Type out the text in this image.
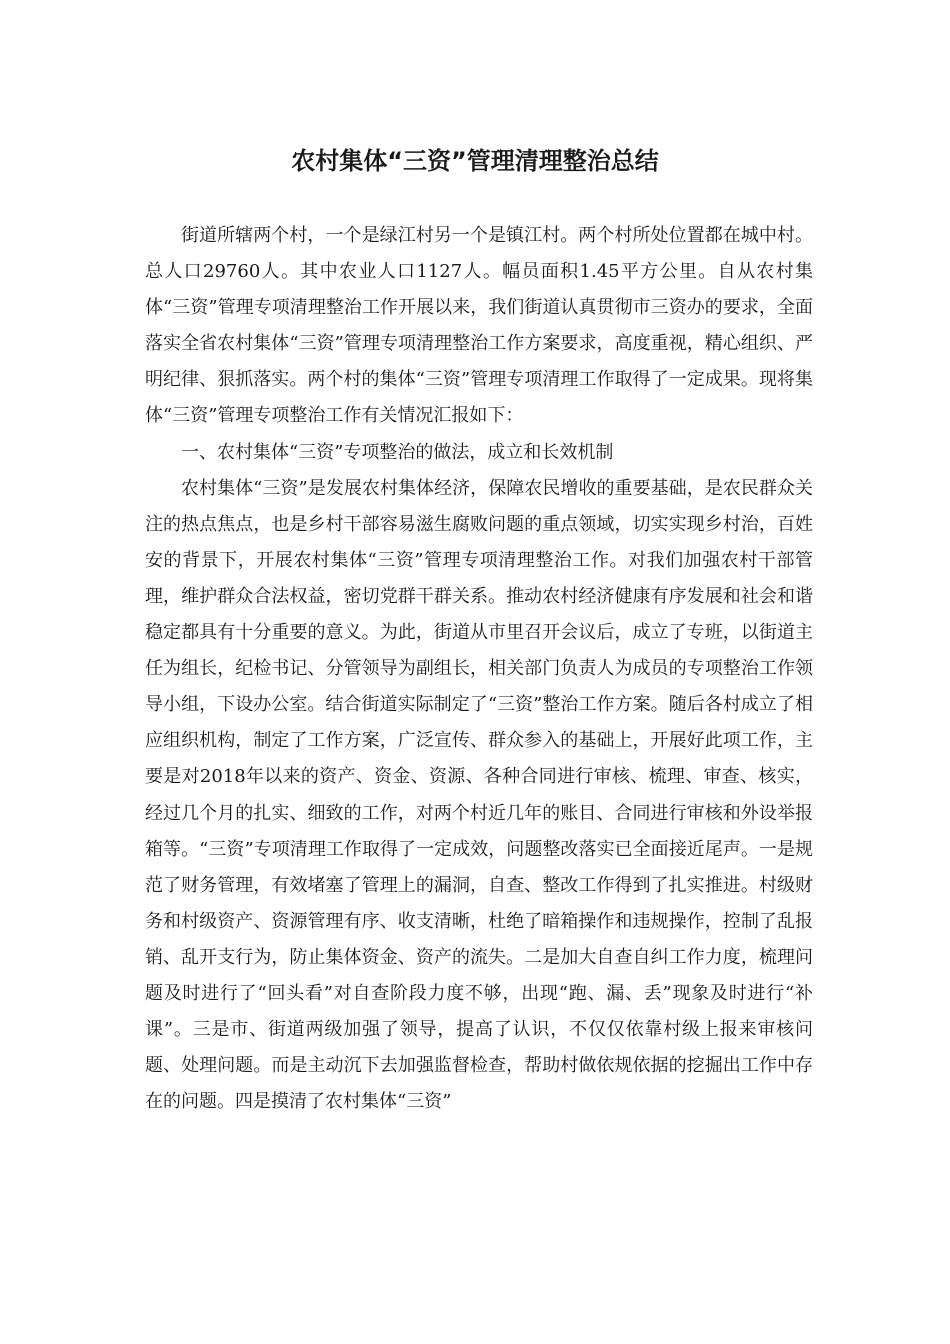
农村集体“三资”管理清理整治总结

街道所辖两个村，一个是绿江村另一个是镇江村。两个村所处位置都在城中村。总人口29760人。其中农业人口1127人。幅员面积1.45平方公里。自从农村集体“三资”管理专项清理整治工作开展以来，我们街道认真贯彻市三资办的要求，全面落实全省农村集体“三资”管理专项清理整治工作方案要求，高度重视，精心组织、严明纪律、狠抓落实。两个村的集体“三资”管理专项清理工作取得了一定成果。现将集体“三资”管理专项整治工作有关情况汇报如下：

一、农村集体“三资”专项整治的做法，成立和长效机制

农村集体“三资”是发展农村集体经济，保障农民增收的重要基础，是农民群众关注的热点焦点，也是乡村干部容易滋生腐败问题的重点领域，切实实现乡村治，百姓安的背景下，开展农村集体“三资”管理专项清理整治工作。对我们加强农村干部管理，维护群众合法权益，密切党群干群关系。推动农村经济健康有序发展和社会和谐稳定都具有十分重要的意义。为此，街道从市里召开会议后，成立了专班，以街道主任为组长，纪检书记、分管领导为副组长，相关部门负责人为成员的专项整治工作领导小组，下设办公室。结合街道实际制定了“三资”整治工作方案。随后各村成立了相应组织机构，制定了工作方案，广泛宣传、群众参入的基础上，开展好此项工作，主要是对2018年以来的资产、资金、资源、各种合同进行审核、梳理、审查、核实，经过几个月的扎实、细致的工作，对两个村近几年的账目、合同进行审核和外设举报箱等。“三资”专项清理工作取得了一定成效，问题整改落实已全面接近尾声。一是规范了财务管理，有效堵塞了管理上的漏洞，自查、整改工作得到了扎实推进。村级财务和村级资产、资源管理有序、收支清晰，杜绝了暗箱操作和违规操作，控制了乱报销、乱开支行为，防止集体资金、资产的流失。二是加大自查自纠工作力度，梳理问题及时进行了“回头看”对自查阶段力度不够，出现“跑、漏、丢”现象及时进行“补课”。三是市、街道两级加强了领导，提高了认识，不仅仅依靠村级上报来审核问题、处理问题。而是主动沉下去加强监督检查，帮助村做依规依据的挖掘出工作中存在的问题。四是摸清了农村集体“三资”
